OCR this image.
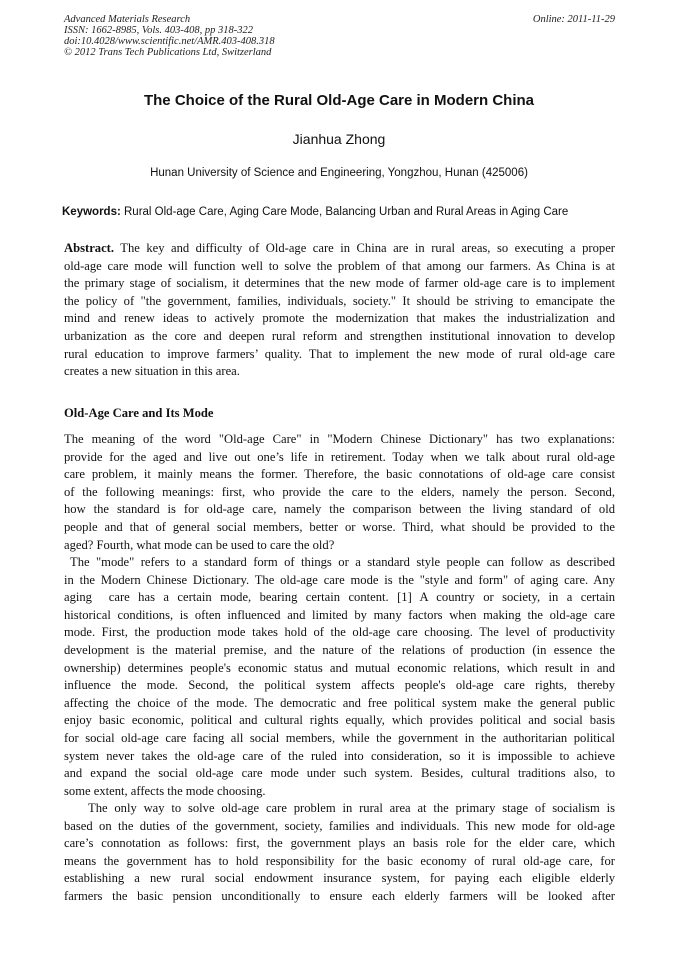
Advanced Materials Research
ISSN: 1662-8985, Vols. 403-408, pp 318-322
doi:10.4028/www.scientific.net/AMR.403-408.318
© 2012 Trans Tech Publications Ltd, Switzerland
Online: 2011-11-29
The Choice of the Rural Old-Age Care in Modern China
Jianhua Zhong
Hunan University of Science and Engineering, Yongzhou, Hunan (425006)
Keywords: Rural Old-age Care, Aging Care Mode, Balancing Urban and Rural Areas in Aging Care
Abstract. The key and difficulty of Old-age care in China are in rural areas, so executing a proper
old-age care mode will function well to solve the problem of that among our farmers. As China is at
the primary stage of socialism, it determines that the new mode of farmer old-age care is to implement
the policy of "the government, families, individuals, society." It should be striving to emancipate the
mind and renew ideas to actively promote the modernization that makes the industrialization and
urbanization as the core and deepen rural reform and strengthen institutional innovation to develop
rural education to improve farmers’ quality. That to implement the new mode of rural old-age care
creates a new situation in this area.
Old-Age Care and Its Mode
The meaning of the word "Old-age Care" in "Modern Chinese Dictionary" has two explanations:
provide for the aged and live out one’s life in retirement. Today when we talk about rural old-age
care problem, it mainly means the former. Therefore, the basic connotations of old-age care consist
of the following meanings: first, who provide the care to the elders, namely the person. Second,
how the standard is for old-age care, namely the comparison between the living standard of old
people and that of general social members, better or worse. Third, what should be provided to the
aged? Fourth, what mode can be used to care the old?
The "mode" refers to a standard form of things or a standard style people can follow as described
in the Modern Chinese Dictionary. The old-age care mode is the "style and form" of aging care. Any
aging  care has a certain mode, bearing certain content. [1] A country or society, in a certain
historical conditions, is often influenced and limited by many factors when making the old-age care
mode. First, the production mode takes hold of the old-age care choosing. The level of productivity
development is the material premise, and the nature of the relations of production (in essence the
ownership) determines people's economic status and mutual economic relations, which result in and
influence the mode. Second, the political system affects people's old-age care rights, thereby
affecting the choice of the mode. The democratic and free political system make the general public
enjoy basic economic, political and cultural rights equally, which provides political and social basis
for social old-age care facing all social members, while the government in the authoritarian political
system never takes the old-age care of the ruled into consideration, so it is impossible to achieve
and expand the social old-age care mode under such system. Besides, cultural traditions also, to
some extent, affects the mode choosing.
The only way to solve old-age care problem in rural area at the primary stage of socialism is
based on the duties of the government, society, families and individuals. This new mode for old-age
care’s connotation as follows: first, the government plays an basis role for the elder care, which
means the government has to hold responsibility for the basic economy of rural old-age care, for
establishing a new rural social endowment insurance system, for paying each eligible elderly
farmers the basic pension unconditionally to ensure each elderly farmers will be looked after
